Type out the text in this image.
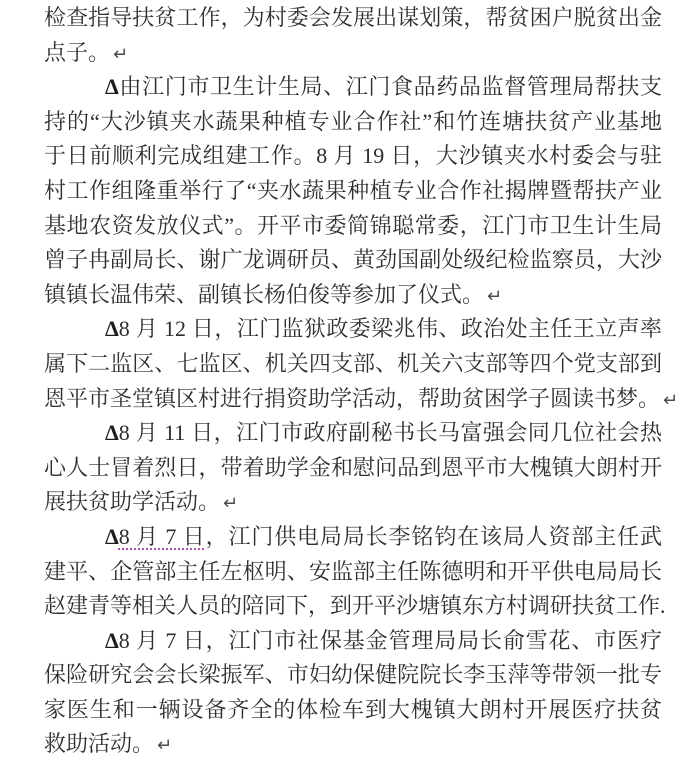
检查指导扶贫工作，为村委会发展出谋划策，帮贫困户脱贫出金
点子。 ↵
Δ由江门市卫生计生局、江门食品药品监督管理局帮扶支
持的“大沙镇夹水蔬果种植专业合作社”和竹连塘扶贫产业基地
于日前顺利完成组建工作。8 月 19 日，大沙镇夹水村委会与驻
村工作组隆重举行了“夹水蔬果种植专业合作社揭牌暨帮扶产业
基地农资发放仪式”。开平市委简锦聪常委，江门市卫生计生局
曾子冉副局长、谢广龙调研员、黄劲国副处级纪检监察员，大沙
镇镇长温伟荣、副镇长杨伯俊等参加了仪式。 ↵
Δ8 月 12 日，江门监狱政委梁兆伟、政治处主任王立声率
属下二监区、七监区、机关四支部、机关六支部等四个党支部到
恩平市圣堂镇区村进行捐资助学活动，帮助贫困学子圆读书梦。 ↵
Δ8 月 11 日，江门市政府副秘书长马富强会同几位社会热
心人士冒着烈日，带着助学金和慰问品到恩平市大槐镇大朗村开
展扶贫助学活动。 ↵
Δ8 月 7 日，江门供电局局长李铭钧在该局人资部主任武
建平、企管部主任左枢明、安监部主任陈德明和开平供电局局长
赵建青等相关人员的陪同下，到开平沙塘镇东方村调研扶贫工作.
Δ8 月 7 日，江门市社保基金管理局局长俞雪花、市医疗
保险研究会会长梁振军、市妇幼保健院院长李玉萍等带领一批专
家医生和一辆设备齐全的体检车到大槐镇大朗村开展医疗扶贫
救助活动。 ↵
